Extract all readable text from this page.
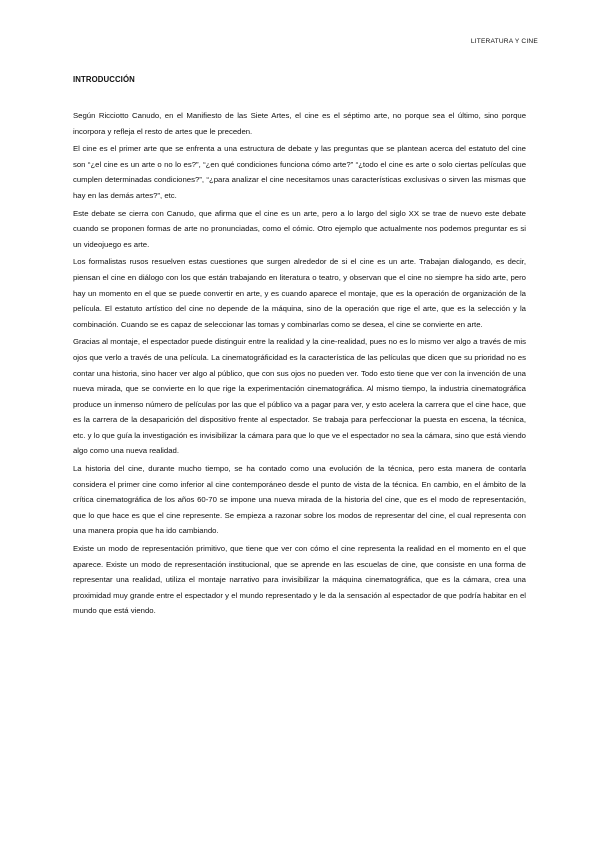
LITERATURA Y CINE
INTRODUCCIÓN

Según Ricciotto Canudo, en el Manifiesto de las Siete Artes, el cine es el séptimo arte, no porque sea el último, sino porque incorpora y refleja el resto de artes que le preceden.

El cine es el primer arte que se enfrenta a una estructura de debate y las preguntas que se plantean acerca del estatuto del cine son “¿el cine es un arte o no lo es?”, “¿en qué condiciones funciona cómo arte?” “¿todo el cine es arte o solo ciertas películas que cumplen determinadas condiciones?”, “¿para analizar el cine necesitamos unas características exclusivas o sirven las mismas que hay en las demás artes?”, etc.

Este debate se cierra con Canudo, que afirma que el cine es un arte, pero a lo largo del siglo XX se trae de nuevo este debate cuando se proponen formas de arte no pronunciadas, como el cómic. Otro ejemplo que actualmente nos podemos preguntar es si un videojuego es arte.

Los formalistas rusos resuelven estas cuestiones que surgen alrededor de si el cine es un arte. Trabajan dialogando, es decir, piensan el cine en diálogo con los que están trabajando en literatura o teatro, y observan que el cine no siempre ha sido arte, pero hay un momento en el que se puede convertir en arte, y es cuando aparece el montaje, que es la operación de organización de la película. El estatuto artístico del cine no depende de la máquina, sino de la operación que rige el arte, que es la selección y la combinación. Cuando se es capaz de seleccionar las tomas y combinarlas como se desea, el cine se convierte en arte.

Gracias al montaje, el espectador puede distinguir entre la realidad y la cine-realidad, pues no es lo mismo ver algo a través de mis ojos que verlo a través de una película. La cinematográficidad es la característica de las películas que dicen que su prioridad no es contar una historia, sino hacer ver algo al público, que con sus ojos no pueden ver. Todo esto tiene que ver con la invención de una nueva mirada, que se convierte en lo que rige la experimentación cinematográfica. Al mismo tiempo, la industria cinematográfica produce un inmenso número de películas por las que el público va a pagar para ver, y esto acelera la carrera que el cine hace, que es la carrera de la desaparición del dispositivo frente al espectador. Se trabaja para perfeccionar la puesta en escena, la técnica, etc. y lo que guía la investigación es invisibilizar la cámara para que lo que ve el espectador no sea la cámara, sino que está viendo algo como una nueva realidad.

La historia del cine, durante mucho tiempo, se ha contado como una evolución de la técnica, pero esta manera de contarla considera el primer cine como inferior al cine contemporáneo desde el punto de vista de la técnica. En cambio, en el ámbito de la crítica cinematográfica de los años 60-70 se impone una nueva mirada de la historia del cine, que es el modo de representación, que lo que hace es que el cine represente. Se empieza a razonar sobre los modos de representar del cine, el cual representa con una manera propia que ha ido cambiando.

Existe un modo de representación primitivo, que tiene que ver con cómo el cine representa la realidad en el momento en el que aparece. Existe un modo de representación institucional, que se aprende en las escuelas de cine, que consiste en una forma de representar una realidad, utiliza el montaje narrativo para invisibilizar la máquina cinematográfica, que es la cámara, crea una proximidad muy grande entre el espectador y el mundo representado y le da la sensación al espectador de que podría habitar en el mundo que está viendo.
